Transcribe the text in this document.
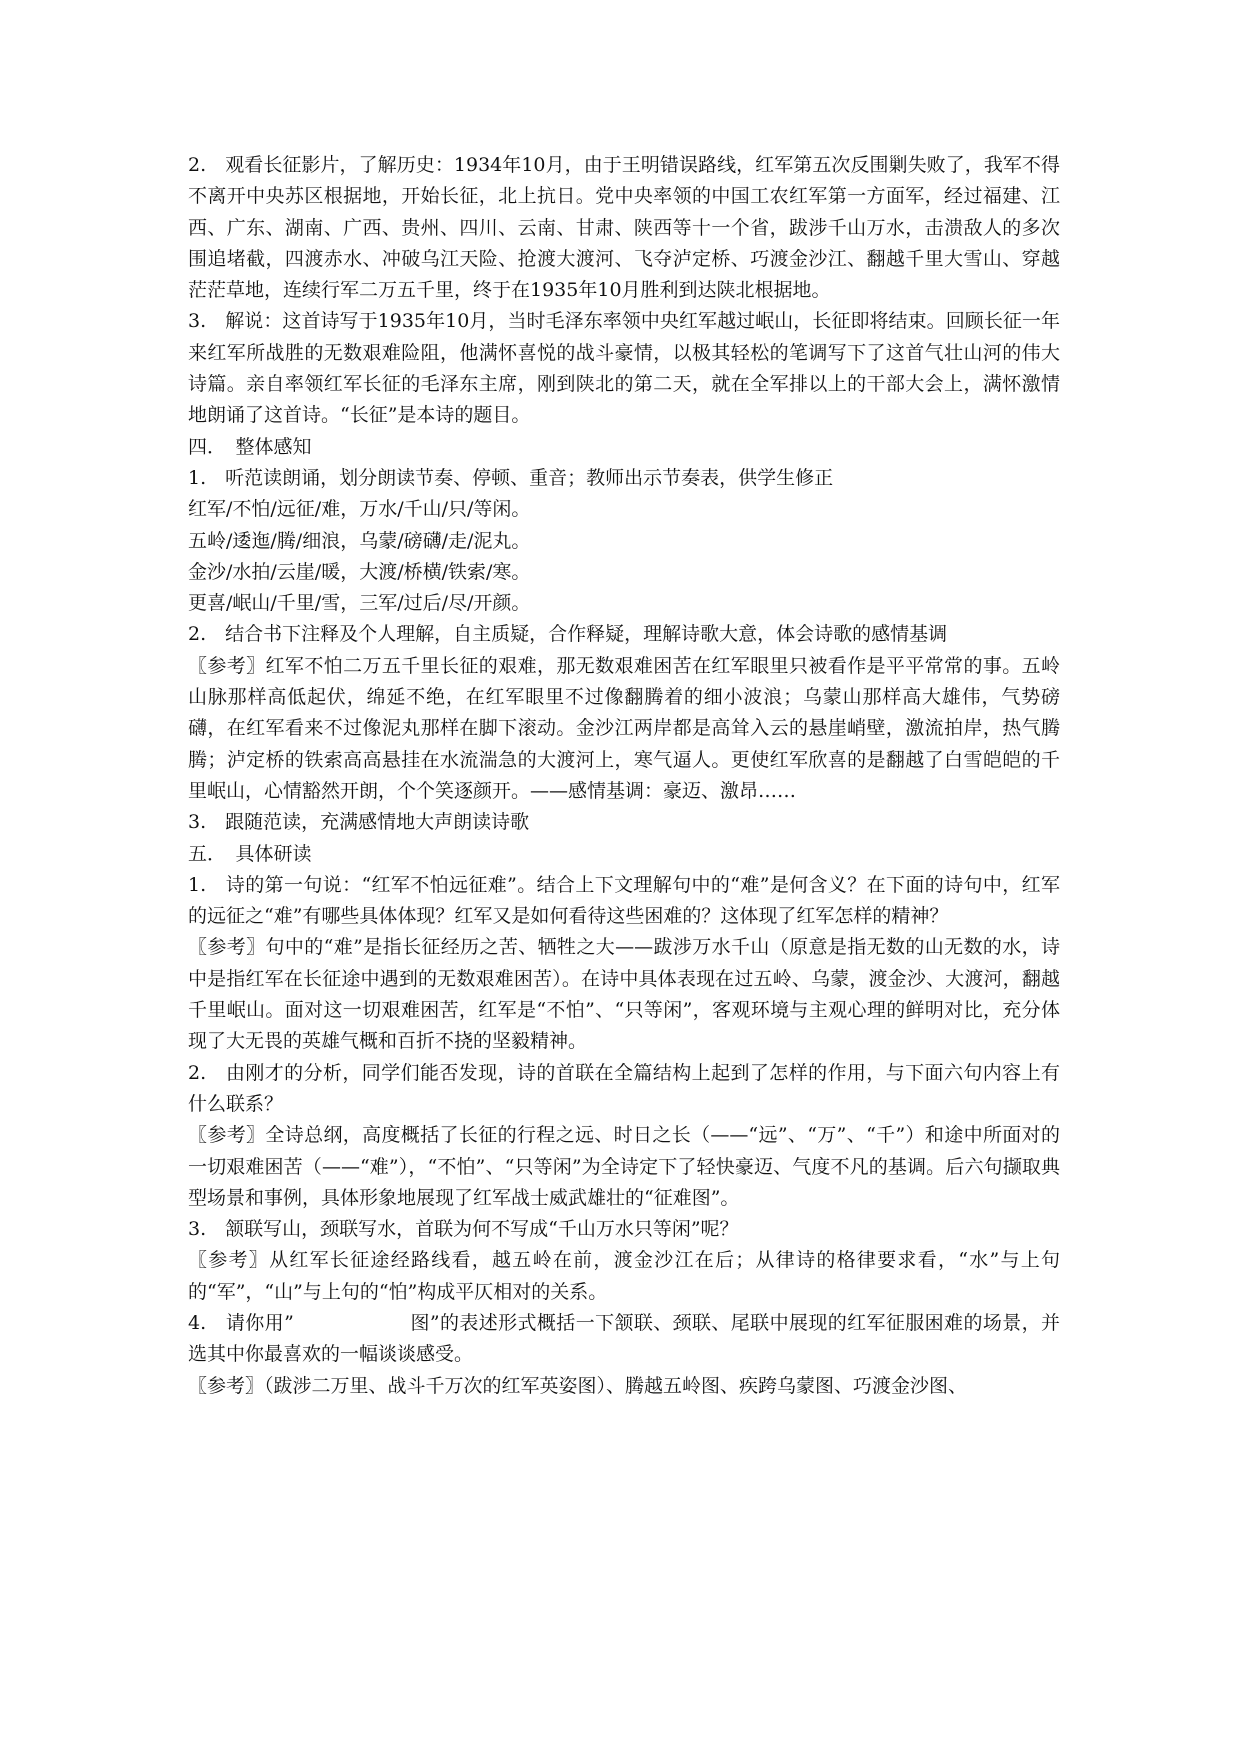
2.　观看长征影片，了解历史：1934年10月，由于王明错误路线，红军第五次反围剿失败了，我军不得不离开中央苏区根据地，开始长征，北上抗日。党中央率领的中国工农红军第一方面军，经过福建、江西、广东、湖南、广西、贵州、四川、云南、甘肃、陕西等十一个省，跋涉千山万水，击溃敌人的多次围追堵截，四渡赤水、冲破乌江天险、抢渡大渡河、飞夺泸定桥、巧渡金沙江、翻越千里大雪山、穿越茫茫草地，连续行军二万五千里，终于在1935年10月胜利到达陕北根据地。

3.　解说：这首诗写于1935年10月，当时毛泽东率领中央红军越过岷山，长征即将结束。回顾长征一年来红军所战胜的无数艰难险阻，他满怀喜悦的战斗豪情，以极其轻松的笔调写下了这首气壮山河的伟大诗篇。亲自率领红军长征的毛泽东主席，刚到陕北的第二天，就在全军排以上的干部大会上，满怀激情地朗诵了这首诗。“长征”是本诗的题目。

四．　整体感知

1.　听范读朗诵，划分朗读节奏、停顿、重音；教师出示节奏表，供学生修正

红军/不怕/远征/难，万水/千山/只/等闲。

五岭/逶迤/腾/细浪，乌蒙/磅礴/走/泥丸。

金沙/水拍/云崖/暖，大渡/桥横/铁索/寒。

更喜/岷山/千里/雪，三军/过后/尽/开颜。

2.　结合书下注释及个人理解，自主质疑，合作释疑，理解诗歌大意，体会诗歌的感情基调

〖参考〗红军不怕二万五千里长征的艰难，那无数艰难困苦在红军眼里只被看作是平平常常的事。五岭山脉那样高低起伏，绵延不绝，在红军眼里不过像翻腾着的细小波浪；乌蒙山那样高大雄伟，气势磅礴，在红军看来不过像泥丸那样在脚下滚动。金沙江两岸都是高耸入云的悬崖峭壁，激流拍岸，热气腾腾；泸定桥的铁索高高悬挂在水流湍急的大渡河上，寒气逼人。更使红军欣喜的是翻越了白雪皑皑的千里岷山，心情豁然开朗，个个笑逐颜开。——感情基调：豪迈、激昂……

3.　跟随范读，充满感情地大声朗读诗歌

五．　具体研读

1.　诗的第一句说：“红军不怕远征难”。结合上下文理解句中的“难”是何含义？在下面的诗句中，红军的远征之“难”有哪些具体体现？红军又是如何看待这些困难的？这体现了红军怎样的精神？

〖参考〗句中的“难”是指长征经历之苦、牺牲之大——跋涉万水千山（原意是指无数的山无数的水，诗中是指红军在长征途中遇到的无数艰难困苦）。在诗中具体表现在过五岭、乌蒙，渡金沙、大渡河，翻越千里岷山。面对这一切艰难困苦，红军是“不怕”、“只等闲”，客观环境与主观心理的鲜明对比，充分体现了大无畏的英雄气概和百折不挠的坚毅精神。

2.　由刚才的分析，同学们能否发现，诗的首联在全篇结构上起到了怎样的作用，与下面六句内容上有什么联系？

〖参考〗全诗总纲，高度概括了长征的行程之远、时日之长（——“远”、“万”、“千”）和途中所面对的一切艰难困苦（——“难”），“不怕”、“只等闲”为全诗定下了轻快豪迈、气度不凡的基调。后六句撷取典型场景和事例，具体形象地展现了红军战士威武雄壮的“征难图”。

3.　颔联写山，颈联写水，首联为何不写成“千山万水只等闲”呢？

〖参考〗从红军长征途经路线看，越五岭在前，渡金沙江在后；从律诗的格律要求看，“水”与上句的“军”，“山”与上句的“怕”构成平仄相对的关系。

4.　请你用”　　　　　　图”的表述形式概括一下颔联、颈联、尾联中展现的红军征服困难的场景，并选其中你最喜欢的一幅谈谈感受。

〖参考〗（跋涉二万里、战斗千万次的红军英姿图）、腾越五岭图、疾跨乌蒙图、巧渡金沙图、
